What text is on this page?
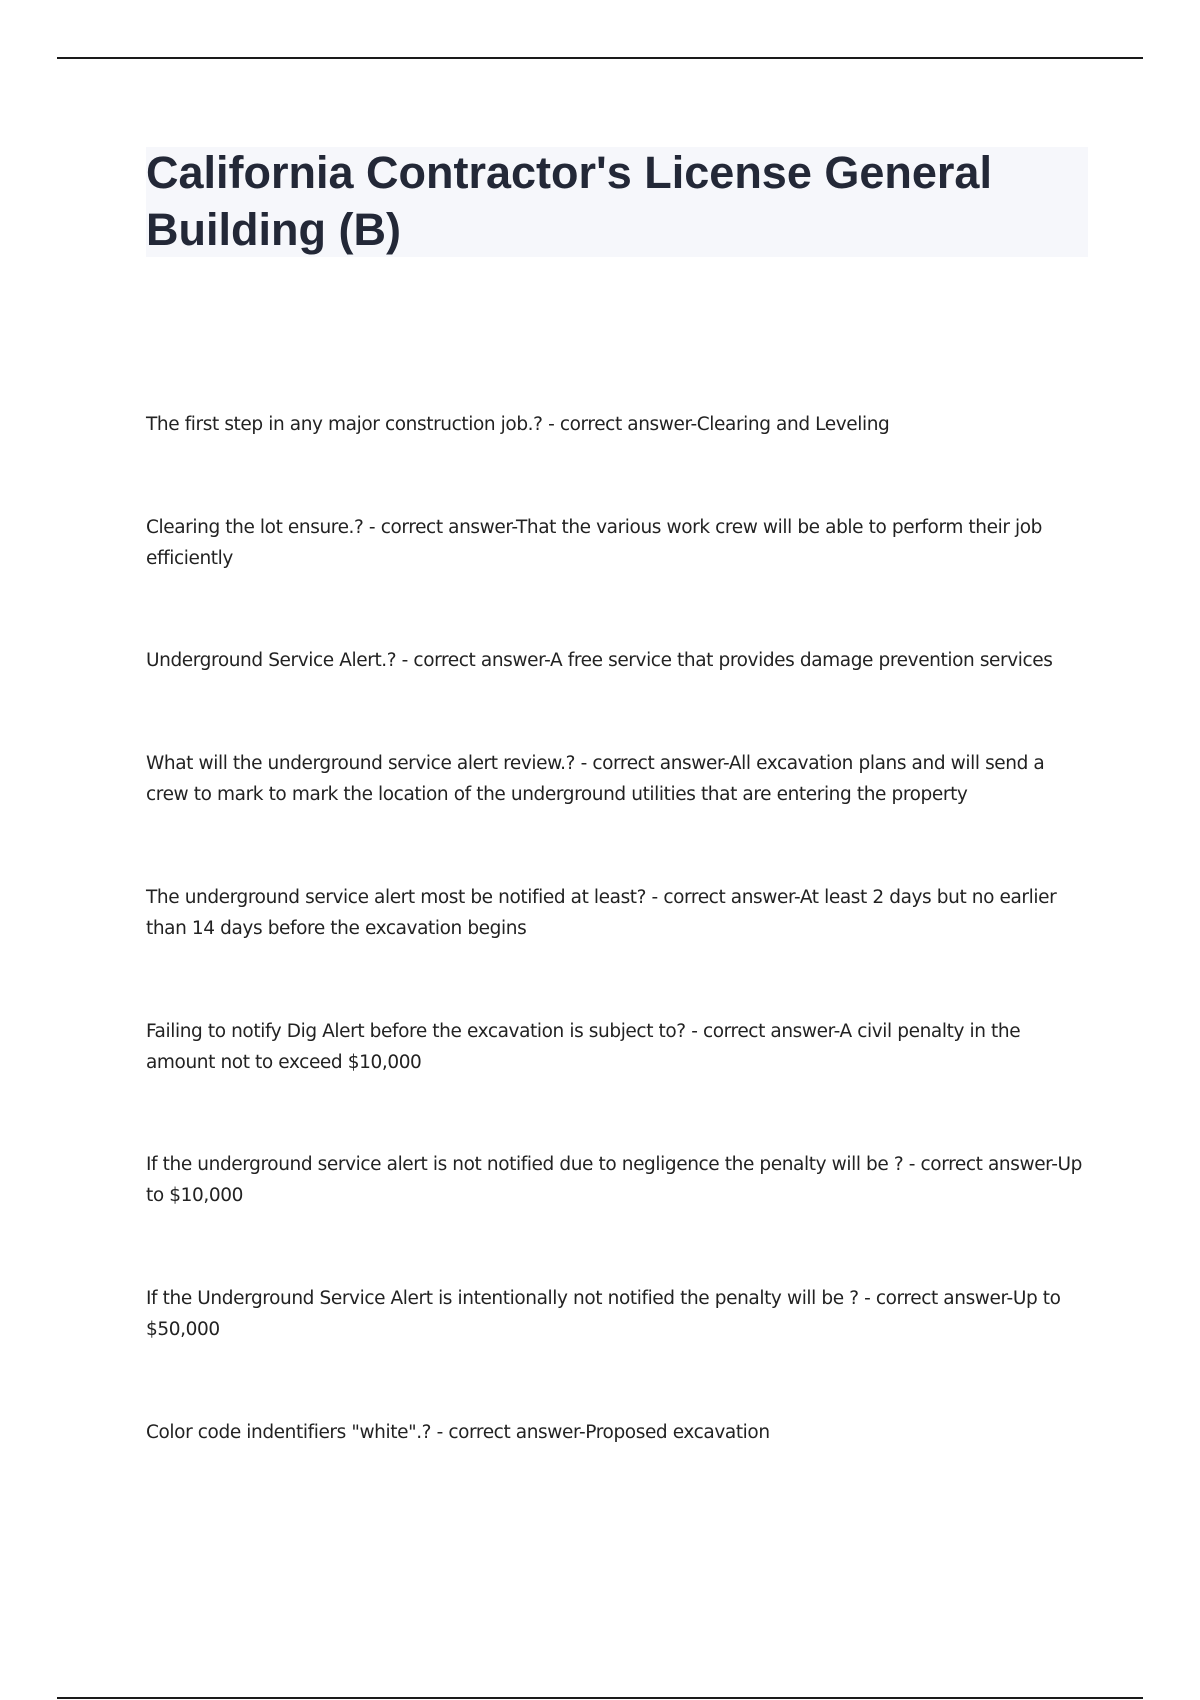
California Contractor's License General Building (B)
The first step in any major construction job.? - correct answer-Clearing and Leveling
Clearing the lot ensure.? - correct answer-That the various work crew will be able to perform their job efficiently
Underground Service Alert.? - correct answer-A free service that provides damage prevention services
What will the underground service alert review.? - correct answer-All excavation plans and will send a crew to mark to mark the location of the underground utilities that are entering the property
The underground service alert most be notified at least? - correct answer-At least 2 days but no earlier than 14 days before the excavation begins
Failing to notify Dig Alert before the excavation is subject to? - correct answer-A civil penalty in the amount not to exceed $10,000
If the underground service alert is not notified due to negligence the penalty will be ? - correct answer-Up to $10,000
If the Underground Service Alert is intentionally not notified the penalty will be ? - correct answer-Up to $50,000
Color code indentifiers "white".? - correct answer-Proposed excavation
